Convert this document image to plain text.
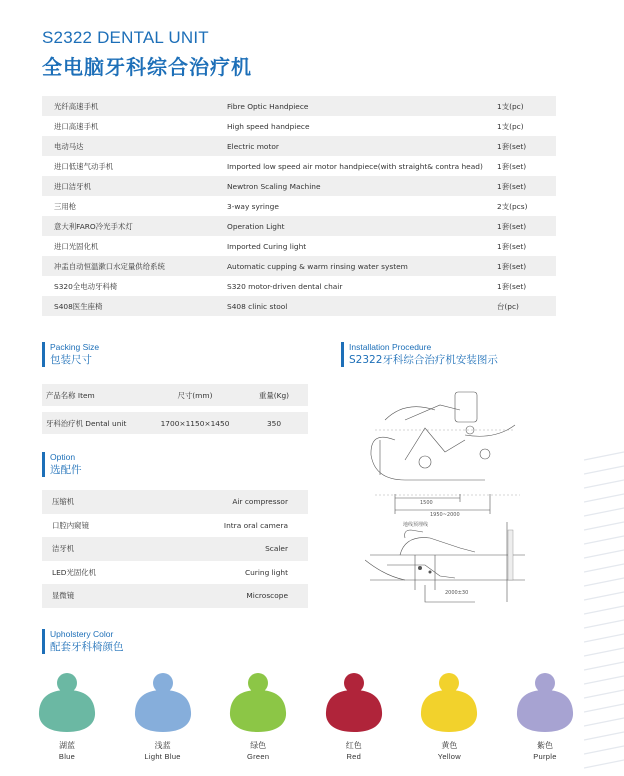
S2322 DENTAL UNIT
全电脑牙科综合治疗机
光纤高速手机	Fibre Optic Handpiece	1支(pc)
进口高速手机	High speed handpiece	1支(pc)
电动马达	Electric motor	1套(set)
进口低速气动手机	Imported low speed air motor handpiece(with straight& contra head)	1套(set)
进口洁牙机	Newtron Scaling Machine	1套(set)
三用枪	3-way syringe	2支(pcs)
意大利FARO冷光手术灯	Operation Light	1套(set)
进口光固化机	Imported Curing light	1套(set)
冲盂自动恒温漱口水定量供给系统	Automatic cupping & warm rinsing water system	1套(set)
S320全电动牙科椅	S320 motor-driven dental chair	1套(set)
S408医生座椅	S408 clinic stool	台(pc)
Packing Size
包装尺寸
产品名称 Item	尺寸(mm)	重量(Kg)
牙科治疗机 Dental unit	1700×1150×1450	350
Option
选配件
压缩机	Air compressor
口腔内窥镜	Intra oral camera
洁牙机	Scaler
LED光固化机	Curing light
显微镜	Microscope
Installation Procedure
S2322牙科综合治疗机安装图示
1500
1950~2000
地线预埋线
2000±30
Upholstery Color
配套牙科椅颜色
湖蓝
Blue
浅蓝
Light Blue
绿色
Green
红色
Red
黄色
Yellow
紫色
Purple
